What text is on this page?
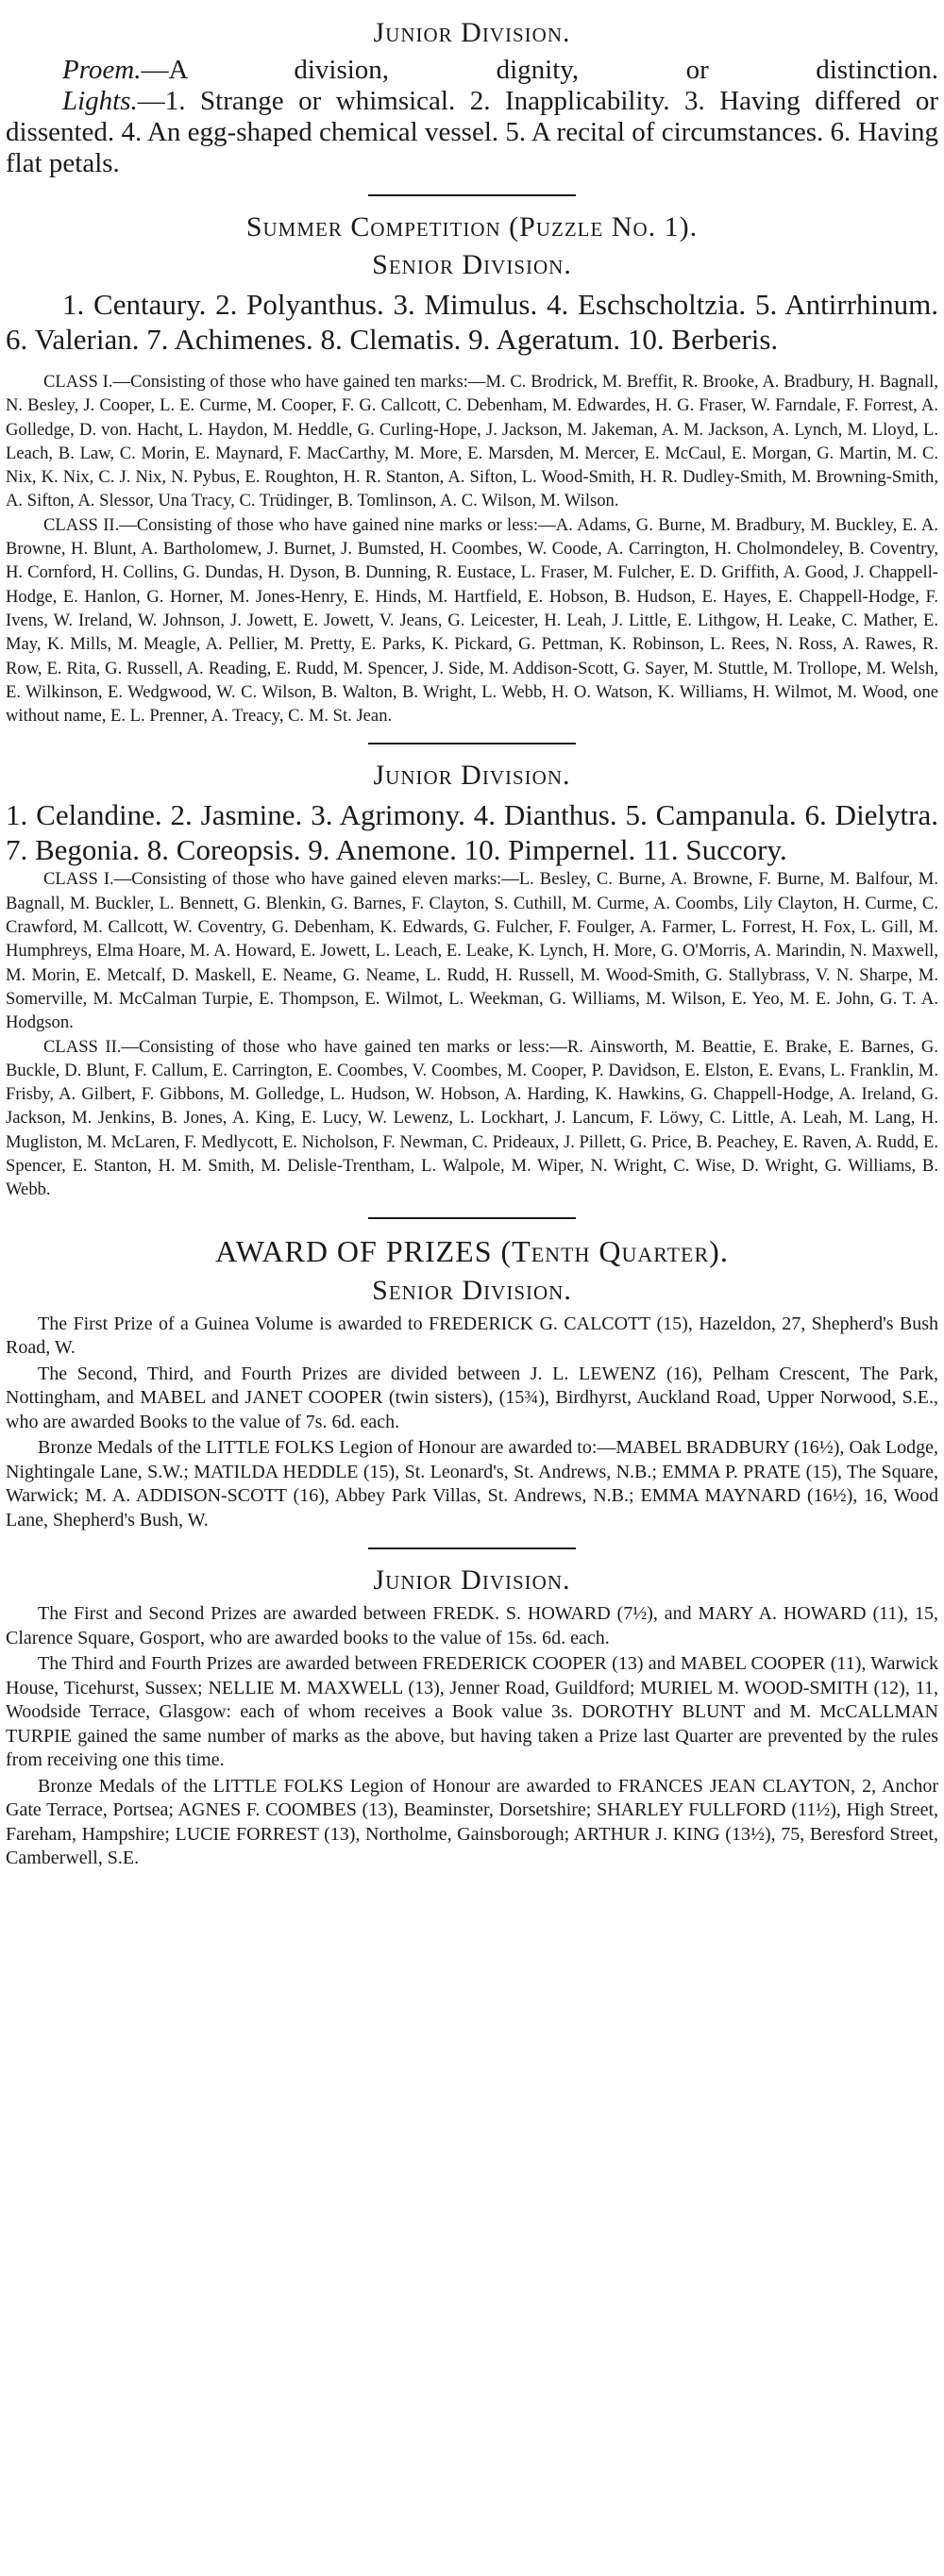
Junior Division.

Proem.—A division, dignity, or distinction.

Lights.—1. Strange or whimsical. 2. Inapplicability. 3. Having differed or dissented. 4. An egg-shaped chemical vessel. 5. A recital of circumstances. 6. Having flat petals.

Summer Competition (Puzzle No. 1).
Senior Division.

1. Centaury. 2. Polyanthus. 3. Mimulus. 4. Eschscholtzia. 5. Antirrhinum. 6. Valerian. 7. Achimenes. 8. Clematis. 9. Ageratum. 10. Berberis.

CLASS I.—Consisting of those who have gained ten marks:—M. C. Brodrick, M. Breffit, R. Brooke, A. Bradbury, H. Bagnall, N. Besley, J. Cooper, L. E. Curme, M. Cooper, F. G. Callcott, C. Debenham, M. Edwardes, H. G. Fraser, W. Farndale, F. Forrest, A. Golledge, D. von. Hacht, L. Haydon, M. Heddle, G. Curling-Hope, J. Jackson, M. Jakeman, A. M. Jackson, A. Lynch, M. Lloyd, L. Leach, B. Law, C. Morin, E. Maynard, F. MacCarthy, M. More, E. Marsden, M. Mercer, E. McCaul, E. Morgan, G. Martin, M. C. Nix, K. Nix, C. J. Nix, N. Pybus, E. Roughton, H. R. Stanton, A. Sifton, L. Wood-Smith, H. R. Dudley-Smith, M. Browning-Smith, A. Sifton, A. Slessor, Una Tracy, C. Trüdinger, B. Tomlinson, A. C. Wilson, M. Wilson.

CLASS II.—Consisting of those who have gained nine marks or less:—A. Adams, G. Burne, M. Bradbury, M. Buckley, E. A. Browne, H. Blunt, A. Bartholomew, J. Burnet, J. Bumsted, H. Coombes, W. Coode, A. Carrington, H. Cholmondeley, B. Coventry, H. Cornford, H. Collins, G. Dundas, H. Dyson, B. Dunning, R. Eustace, L. Fraser, M. Fulcher, E. D. Griffith, A. Good, J. Chappell-Hodge, E. Hanlon, G. Horner, M. Jones-Henry, E. Hinds, M. Hartfield, E. Hobson, B. Hudson, E. Hayes, E. Chappell-Hodge, F. Ivens, W. Ireland, W. Johnson, J. Jowett, E. Jowett, V. Jeans, G. Leicester, H. Leah, J. Little, E. Lithgow, H. Leake, C. Mather, E. May, K. Mills, M. Meagle, A. Pellier, M. Pretty, E. Parks, K. Pickard, G. Pettman, K. Robinson, L. Rees, N. Ross, A. Rawes, R. Row, E. Rita, G. Russell, A. Reading, E. Rudd, M. Spencer, J. Side, M. Addison-Scott, G. Sayer, M. Stuttle, M. Trollope, M. Welsh, E. Wilkinson, E. Wedgwood, W. C. Wilson, B. Walton, B. Wright, L. Webb, H. O. Watson, K. Williams, H. Wilmot, M. Wood, one without name, E. L. Prenner, A. Treacy, C. M. St. Jean.

Junior Division.

1. Celandine. 2. Jasmine. 3. Agrimony. 4. Dianthus. 5. Campanula. 6. Dielytra. 7. Begonia. 8. Coreopsis. 9. Anemone. 10. Pimpernel. 11. Succory.

CLASS I.—Consisting of those who have gained eleven marks:—L. Besley, C. Burne, A. Browne, F. Burne, M. Balfour, M. Bagnall, M. Buckler, L. Bennett, G. Blenkin, G. Barnes, F. Clayton, S. Cuthill, M. Curme, A. Coombs, Lily Clayton, H. Curme, C. Crawford, M. Callcott, W. Coventry, G. Debenham, K. Edwards, G. Fulcher, F. Foulger, A. Farmer, L. Forrest, H. Fox, L. Gill, M. Humphreys, Elma Hoare, M. A. Howard, E. Jowett, L. Leach, E. Leake, K. Lynch, H. More, G. O'Morris, A. Marindin, N. Maxwell, M. Morin, E. Metcalf, D. Maskell, E. Neame, G. Neame, L. Rudd, H. Russell, M. Wood-Smith, G. Stallybrass, V. N. Sharpe, M. Somerville, M. McCalman Turpie, E. Thompson, E. Wilmot, L. Weekman, G. Williams, M. Wilson, E. Yeo, M. E. John, G. T. A. Hodgson.

CLASS II.—Consisting of those who have gained ten marks or less:—R. Ainsworth, M. Beattie, E. Brake, E. Barnes, G. Buckle, D. Blunt, F. Callum, E. Carrington, E. Coombes, V. Coombes, M. Cooper, P. Davidson, E. Elston, E. Evans, L. Franklin, M. Frisby, A. Gilbert, F. Gibbons, M. Golledge, L. Hudson, W. Hobson, A. Harding, K. Hawkins, G. Chappell-Hodge, A. Ireland, G. Jackson, M. Jenkins, B. Jones, A. King, E. Lucy, W. Lewenz, L. Lockhart, J. Lancum, F. Löwy, C. Little, A. Leah, M. Lang, H. Mugliston, M. McLaren, F. Medlycott, E. Nicholson, F. Newman, C. Prideaux, J. Pillett, G. Price, B. Peachey, E. Raven, A. Rudd, E. Spencer, E. Stanton, H. M. Smith, M. Delisle-Trentham, L. Walpole, M. Wiper, N. Wright, C. Wise, D. Wright, G. Williams, B. Webb.

AWARD OF PRIZES (Tenth Quarter).
Senior Division.

The First Prize of a Guinea Volume is awarded to FREDERICK G. CALCOTT (15), Hazeldon, 27, Shepherd's Bush Road, W.

The Second, Third, and Fourth Prizes are divided between J. L. LEWENZ (16), Pelham Crescent, The Park, Nottingham, and MABEL and JANET COOPER (twin sisters), (15¾), Birdhyrst, Auckland Road, Upper Norwood, S.E., who are awarded Books to the value of 7s. 6d. each.

Bronze Medals of the LITTLE FOLKS Legion of Honour are awarded to:—MABEL BRADBURY (16½), Oak Lodge, Nightingale Lane, S.W.; MATILDA HEDDLE (15), St. Leonard's, St. Andrews, N.B.; EMMA P. PRATE (15), The Square, Warwick; M. A. ADDISON-SCOTT (16), Abbey Park Villas, St. Andrews, N.B.; EMMA MAYNARD (16½), 16, Wood Lane, Shepherd's Bush, W.

Junior Division.

The First and Second Prizes are awarded between FREDK. S. HOWARD (7½), and MARY A. HOWARD (11), 15, Clarence Square, Gosport, who are awarded books to the value of 15s. 6d. each.

The Third and Fourth Prizes are awarded between FREDERICK COOPER (13) and MABEL COOPER (11), Warwick House, Ticehurst, Sussex; NELLIE M. MAXWELL (13), Jenner Road, Guildford; MURIEL M. WOOD-SMITH (12), 11, Woodside Terrace, Glasgow: each of whom receives a Book value 3s. DOROTHY BLUNT and M. McCALLMAN TURPIE gained the same number of marks as the above, but having taken a Prize last Quarter are prevented by the rules from receiving one this time.

Bronze Medals of the LITTLE FOLKS Legion of Honour are awarded to FRANCES JEAN CLAYTON, 2, Anchor Gate Terrace, Portsea; AGNES F. COOMBES (13), Beaminster, Dorsetshire; SHARLEY FULLFORD (11½), High Street, Fareham, Hampshire; LUCIE FORREST (13), Northolme, Gainsborough; ARTHUR J. KING (13½), 75, Beresford Street, Camberwell, S.E.
